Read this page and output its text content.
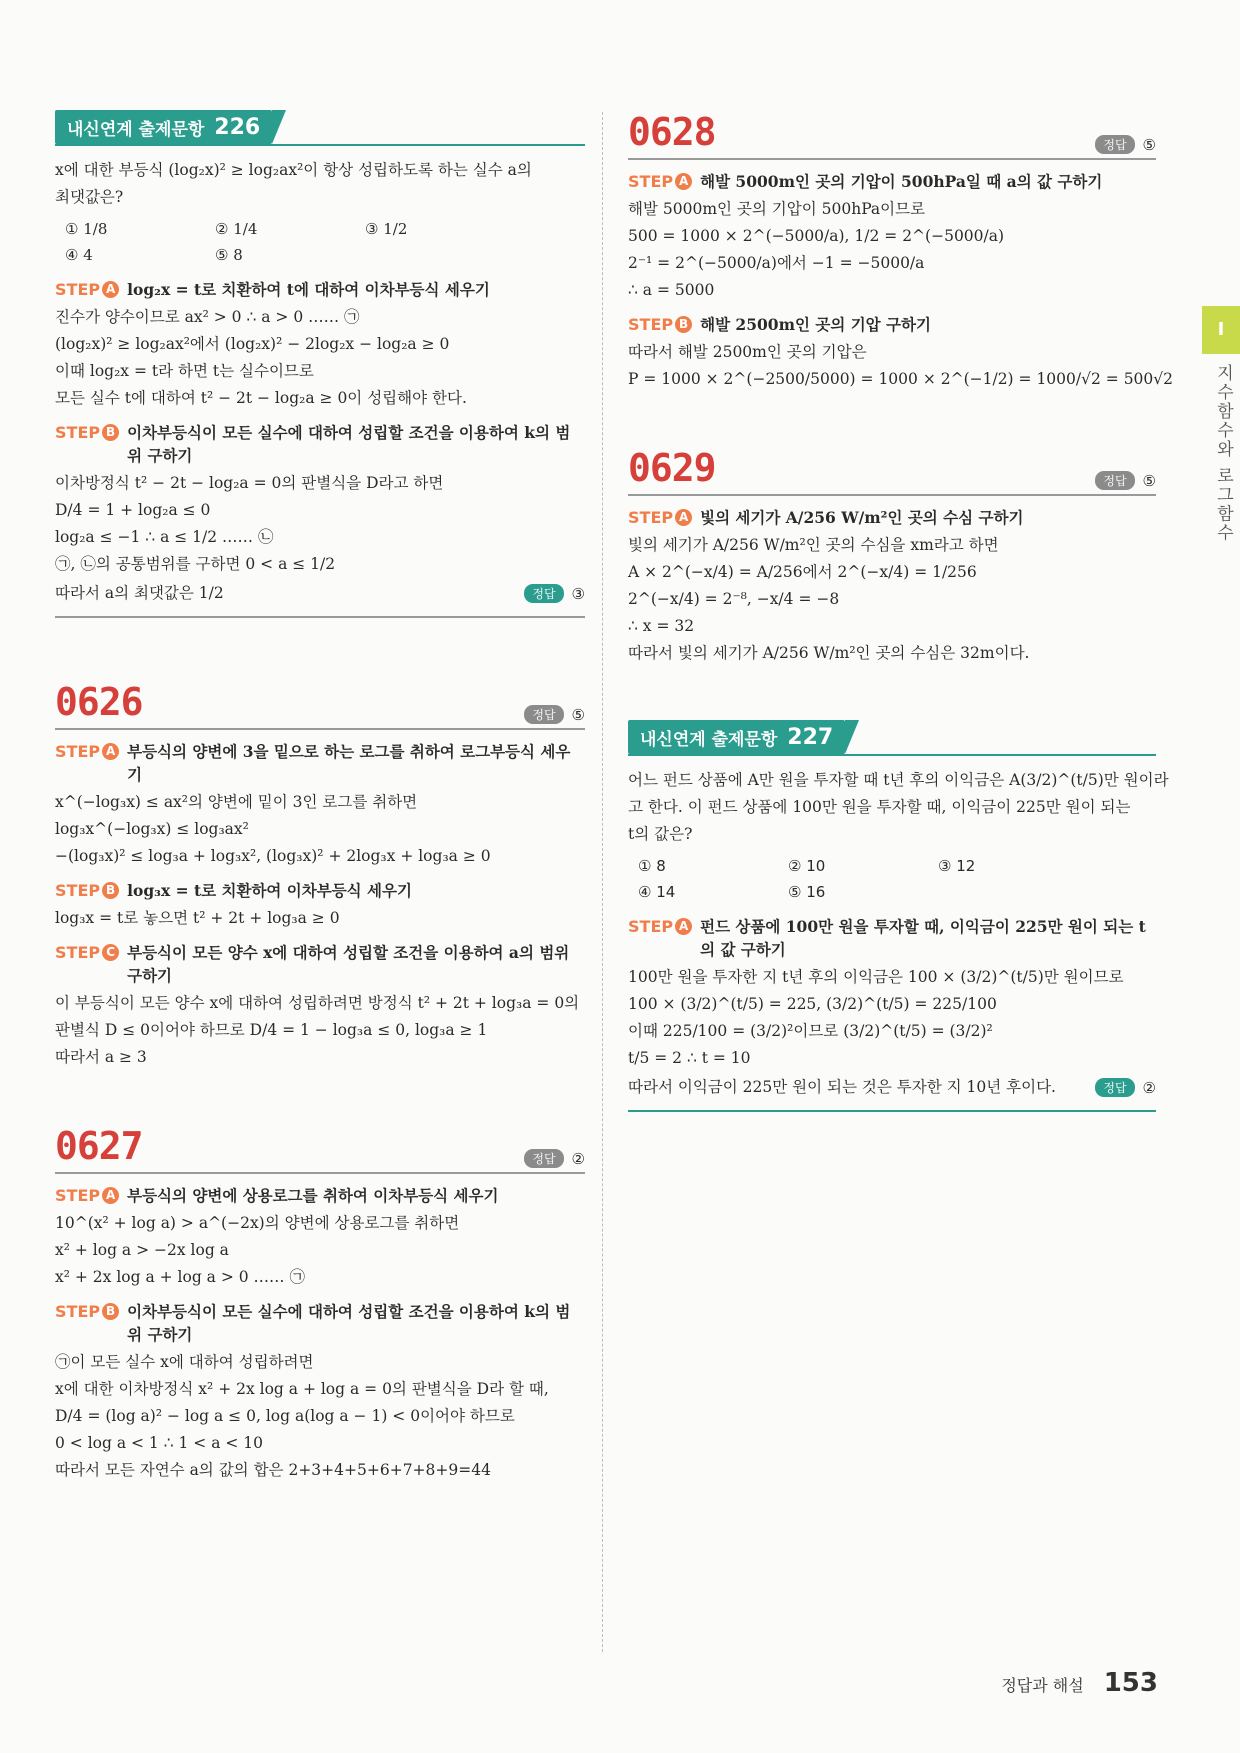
I
지수함수와 로그함수
내신연계 출제문항 226
x에 대한 부등식 (log₂x)² ≥ log₂ax²이 항상 성립하도록 하는 실수 a의
최댓값은?
① 1/8	② 1/4	③ 1/2
④ 4	⑤ 8
STEP A log₂x = t로 치환하여 t에 대하여 이차부등식 세우기
진수가 양수이므로 ax² > 0 ∴ a > 0 …… ㉠
(log₂x)² ≥ log₂ax²에서 (log₂x)² − 2log₂x − log₂a ≥ 0
이때 log₂x = t라 하면 t는 실수이므로
모든 실수 t에 대하여 t² − 2t − log₂a ≥ 0이 성립해야 한다.
STEP B 이차부등식이 모든 실수에 대하여 성립할 조건을 이용하여 k의 범위 구하기
이차방정식 t² − 2t − log₂a = 0의 판별식을 D라고 하면
D/4 = 1 + log₂a ≤ 0
log₂a ≤ −1 ∴ a ≤ 1/2 …… ㉡
㉠, ㉡의 공통범위를 구하면 0 < a ≤ 1/2
따라서 a의 최댓값은 1/2	정답	③
0626	정답	⑤
STEP A 부등식의 양변에 3을 밑으로 하는 로그를 취하여 로그부등식 세우기
x^(−log₃x) ≤ ax²의 양변에 밑이 3인 로그를 취하면
log₃x^(−log₃x) ≤ log₃ax²
−(log₃x)² ≤ log₃a + log₃x², (log₃x)² + 2log₃x + log₃a ≥ 0
STEP B log₃x = t로 치환하여 이차부등식 세우기
log₃x = t로 놓으면 t² + 2t + log₃a ≥ 0
STEP C 부등식이 모든 양수 x에 대하여 성립할 조건을 이용하여 a의 범위 구하기
이 부등식이 모든 양수 x에 대하여 성립하려면 방정식 t² + 2t + log₃a = 0의
판별식 D ≤ 0이어야 하므로 D/4 = 1 − log₃a ≤ 0, log₃a ≥ 1
따라서 a ≥ 3
0627	정답	②
STEP A 부등식의 양변에 상용로그를 취하여 이차부등식 세우기
10^(x² + log a) > a^(−2x)의 양변에 상용로그를 취하면
x² + log a > −2x log a
x² + 2x log a + log a > 0 …… ㉠
STEP B 이차부등식이 모든 실수에 대하여 성립할 조건을 이용하여 k의 범위 구하기
㉠이 모든 실수 x에 대하여 성립하려면
x에 대한 이차방정식 x² + 2x log a + log a = 0의 판별식을 D라 할 때,
D/4 = (log a)² − log a ≤ 0, log a(log a − 1) < 0이어야 하므로
0 < log a < 1 ∴ 1 < a < 10
따라서 모든 자연수 a의 값의 합은 2+3+4+5+6+7+8+9=44
0628	정답	⑤
STEP A 해발 5000m인 곳의 기압이 500hPa일 때 a의 값 구하기
해발 5000m인 곳의 기압이 500hPa이므로
500 = 1000 × 2^(−5000/a), 1/2 = 2^(−5000/a)
2⁻¹ = 2^(−5000/a)에서 −1 = −5000/a
∴ a = 5000
STEP B 해발 2500m인 곳의 기압 구하기
따라서 해발 2500m인 곳의 기압은
P = 1000 × 2^(−2500/5000) = 1000 × 2^(−1/2) = 1000/√2 = 500√2
0629	정답	⑤
STEP A 빛의 세기가 A/256 W/m²인 곳의 수심 구하기
빛의 세기가 A/256 W/m²인 곳의 수심을 xm라고 하면
A × 2^(−x/4) = A/256에서 2^(−x/4) = 1/256
2^(−x/4) = 2⁻⁸, −x/4 = −8
∴ x = 32
따라서 빛의 세기가 A/256 W/m²인 곳의 수심은 32m이다.
내신연계 출제문항 227
어느 펀드 상품에 A만 원을 투자할 때 t년 후의 이익금은 A(3/2)^(t/5)만 원이라
고 한다. 이 펀드 상품에 100만 원을 투자할 때, 이익금이 225만 원이 되는
t의 값은?
① 8	② 10	③ 12
④ 14	⑤ 16
STEP A 펀드 상품에 100만 원을 투자할 때, 이익금이 225만 원이 되는 t의 값 구하기
100만 원을 투자한 지 t년 후의 이익금은 100 × (3/2)^(t/5)만 원이므로
100 × (3/2)^(t/5) = 225, (3/2)^(t/5) = 225/100
이때 225/100 = (3/2)²이므로 (3/2)^(t/5) = (3/2)²
t/5 = 2 ∴ t = 10
따라서 이익금이 225만 원이 되는 것은 투자한 지 10년 후이다.	정답	②
정답과 해설 153
